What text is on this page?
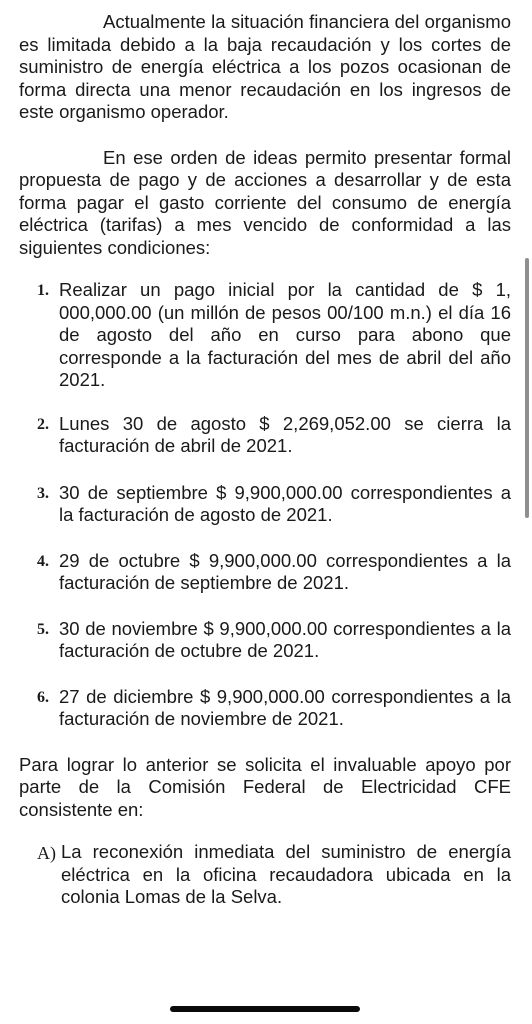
Actualmente la situación financiera del organismo es limitada debido a la baja recaudación y los cortes de suministro de energía eléctrica a los pozos ocasionan de forma directa una menor recaudación en los ingresos de este organismo operador.

En ese orden de ideas permito presentar formal propuesta de pago y de acciones a desarrollar y de esta forma pagar el gasto corriente del consumo de energía eléctrica (tarifas) a mes vencido de conformidad a las siguientes condiciones:

1. Realizar un pago inicial por la cantidad de $ 1, 000,000.00 (un millón de pesos 00/100 m.n.) el día 16 de agosto del año en curso para abono que corresponde a la facturación del mes de abril del año 2021.
2. Lunes 30 de agosto $ 2,269,052.00 se cierra la facturación de abril de 2021.
3. 30 de septiembre $ 9,900,000.00 correspondientes a la facturación de agosto de 2021.
4. 29 de octubre $ 9,900,000.00 correspondientes a la facturación de septiembre de 2021.
5. 30 de noviembre $ 9,900,000.00 correspondientes a la facturación de octubre de 2021.
6. 27 de diciembre $ 9,900,000.00 correspondientes a la facturación de noviembre de 2021.

Para lograr lo anterior se solicita el invaluable apoyo por parte de la Comisión Federal de Electricidad CFE consistente en:

A) La reconexión inmediata del suministro de energía eléctrica en la oficina recaudadora ubicada en la colonia Lomas de la Selva.
